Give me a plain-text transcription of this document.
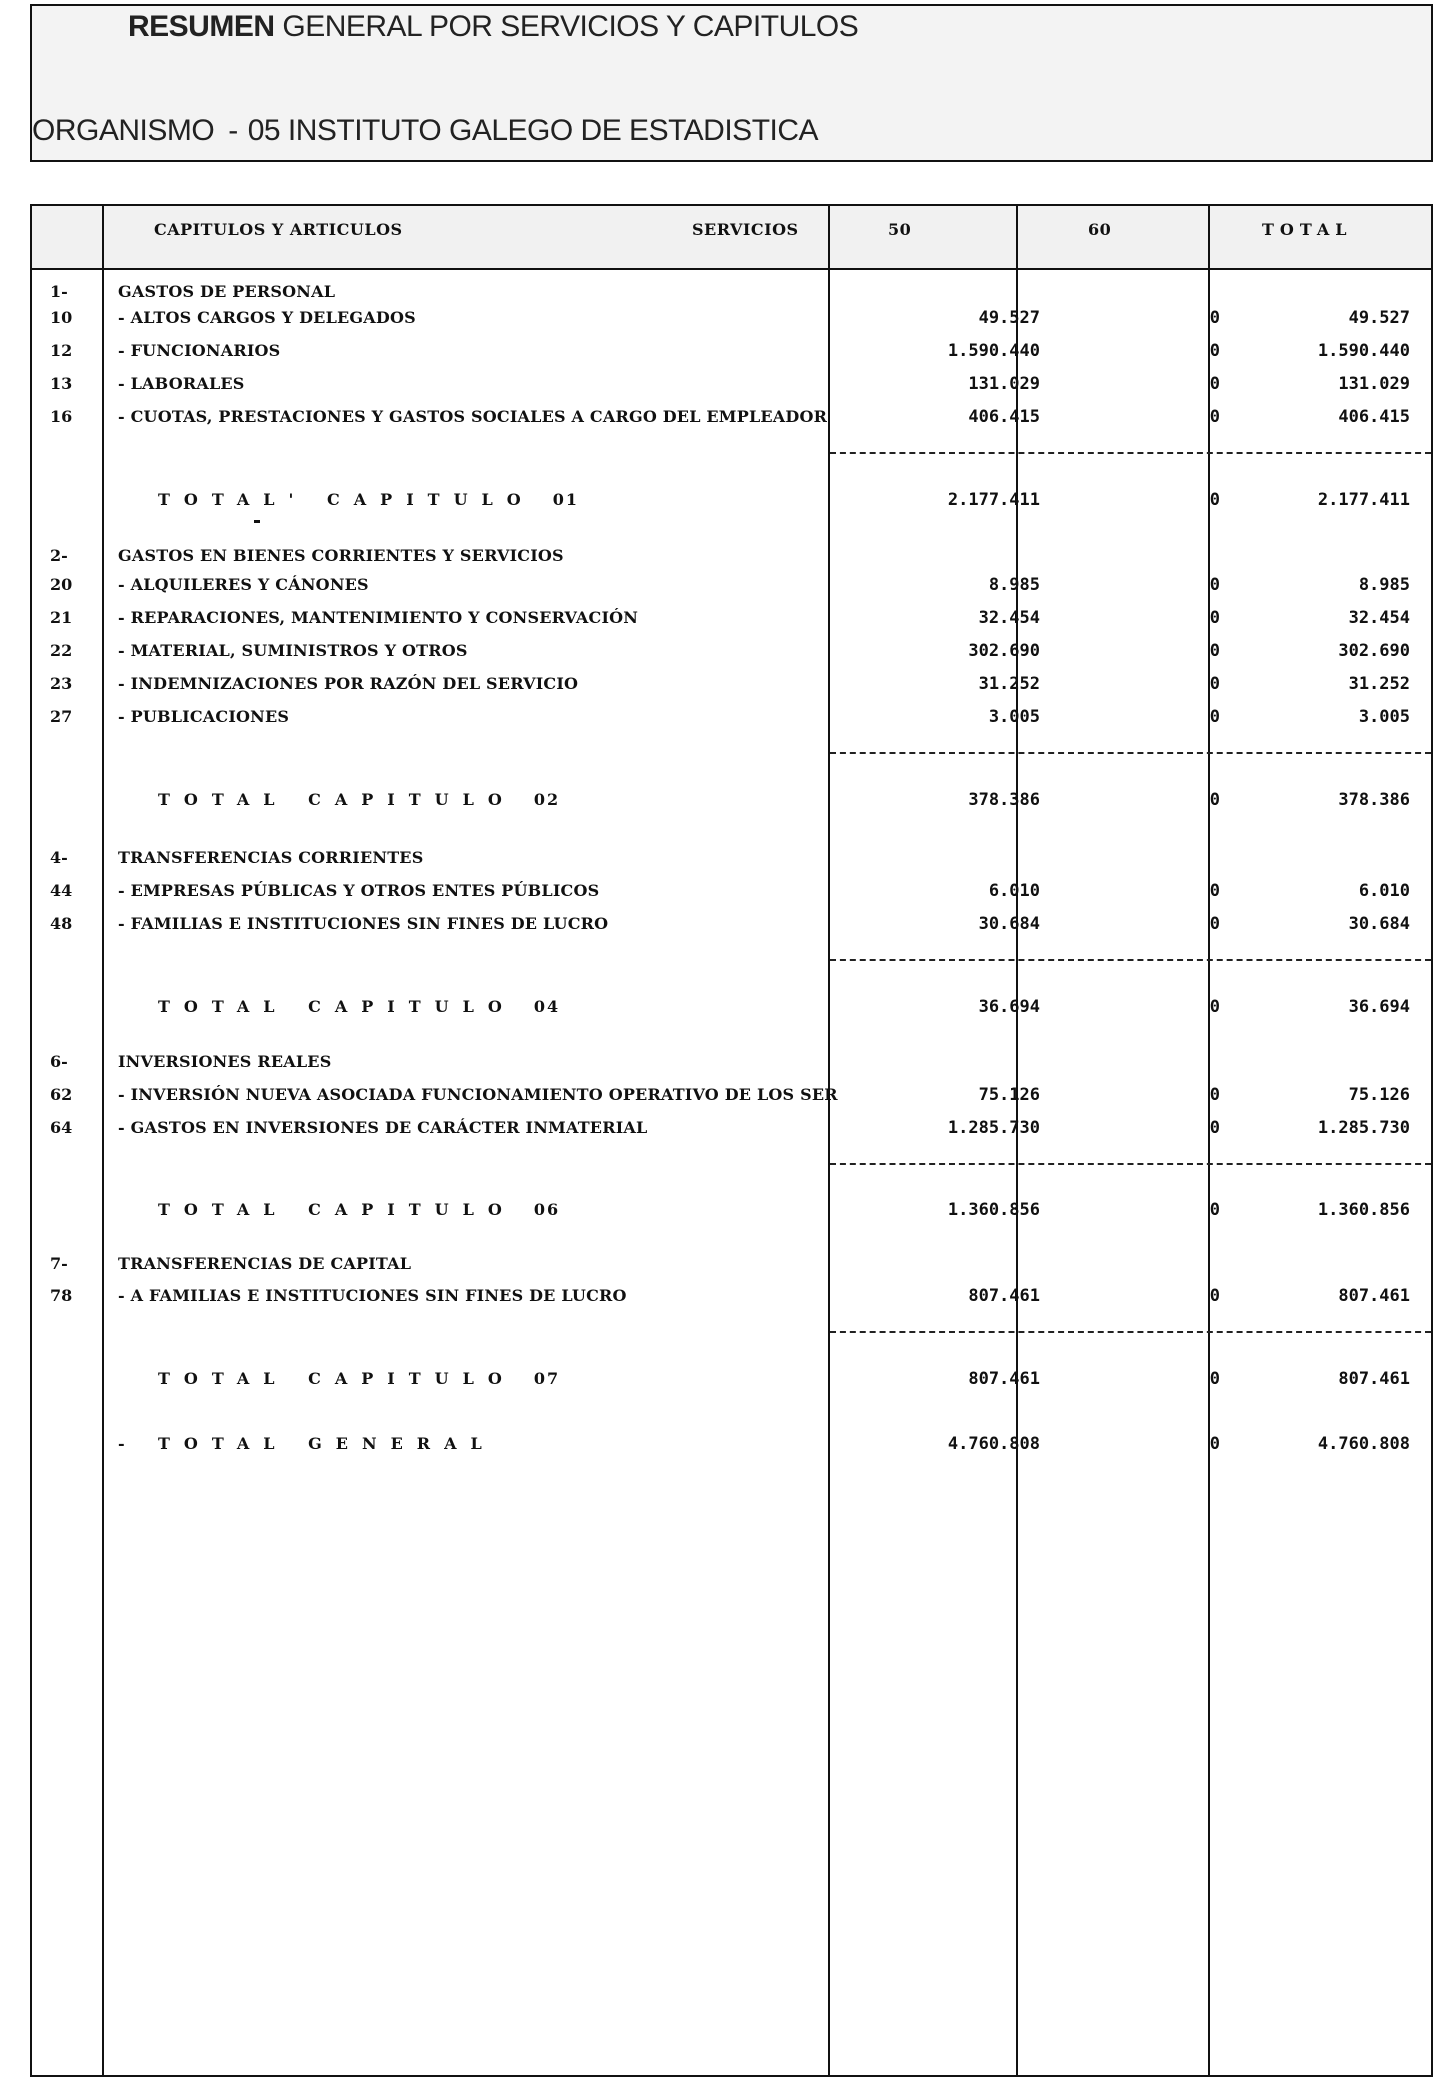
RESUMEN GENERAL POR SERVICIOS Y CAPITULOS
ORGANISMO - 05 INSTITUTO GALEGO DE ESTADISTICA
CAPITULOS Y ARTICULOS	SERVICIOS	50	60	TOTAL
1-	GASTOS DE PERSONAL
10	- ALTOS CARGOS Y DELEGADOS	49.527	0	49.527
12	- FUNCIONARIOS	1.590.440	0	1.590.440
13	- LABORALES	131.029	0	131.029
16	- CUOTAS, PRESTACIONES Y GASTOS SOCIALES A CARGO DEL EMPLEADOR	406.415	0	406.415
TOTAL' CAPITULO 01	2.177.411	0	2.177.411
2-	GASTOS EN BIENES CORRIENTES Y SERVICIOS
20	- ALQUILERES Y CÁNONES	8.985	0	8.985
21	- REPARACIONES, MANTENIMIENTO Y CONSERVACIÓN	32.454	0	32.454
22	- MATERIAL, SUMINISTROS Y OTROS	302.690	0	302.690
23	- INDEMNIZACIONES POR RAZÓN DEL SERVICIO	31.252	0	31.252
27	- PUBLICACIONES	3.005	0	3.005
TOTAL CAPITULO 02	378.386	0	378.386
4-	TRANSFERENCIAS CORRIENTES
44	- EMPRESAS PÚBLICAS Y OTROS ENTES PÚBLICOS	6.010	0	6.010
48	- FAMILIAS E INSTITUCIONES SIN FINES DE LUCRO	30.684	0	30.684
TOTAL CAPITULO 04	36.694	0	36.694
6-	INVERSIONES REALES
62	- INVERSIÓN NUEVA ASOCIADA FUNCIONAMIENTO OPERATIVO DE LOS SER	75.126	0	75.126
64	- GASTOS EN INVERSIONES DE CARÁCTER INMATERIAL	1.285.730	0	1.285.730
TOTAL CAPITULO 06	1.360.856	0	1.360.856
7-	TRANSFERENCIAS DE CAPITAL
78	- A FAMILIAS E INSTITUCIONES SIN FINES DE LUCRO	807.461	0	807.461
TOTAL CAPITULO 07	807.461	0	807.461
-	TOTAL GENERAL	4.760.808	0	4.760.808
